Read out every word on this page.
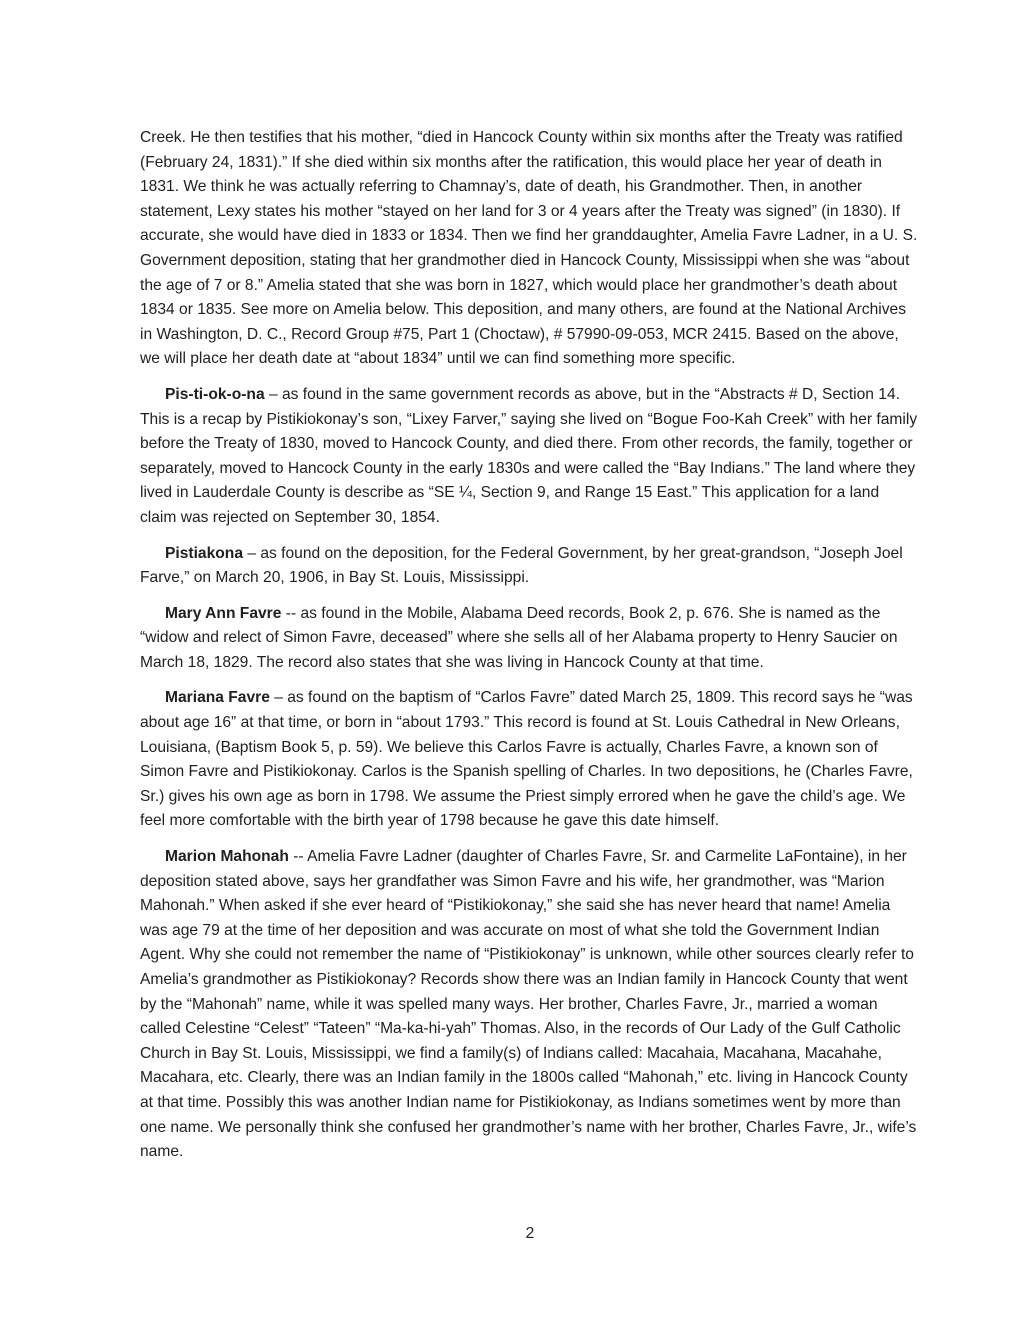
Creek. He then testifies that his mother, “died in Hancock County within six months after the Treaty was ratified (February 24, 1831).” If she died within six months after the ratification, this would place her year of death in 1831. We think he was actually referring to Chamnay’s, date of death, his Grandmother. Then, in another statement, Lexy states his mother “stayed on her land for 3 or 4 years after the Treaty was signed” (in 1830). If accurate, she would have died in 1833 or 1834. Then we find her granddaughter, Amelia Favre Ladner, in a U. S. Government deposition, stating that her grandmother died in Hancock County, Mississippi when she was “about the age of 7 or 8.” Amelia stated that she was born in 1827, which would place her grandmother’s death about 1834 or 1835. See more on Amelia below. This deposition, and many others, are found at the National Archives in Washington, D. C., Record Group #75, Part 1 (Choctaw), # 57990-09-053, MCR 2415. Based on the above, we will place her death date at “about 1834” until we can find something more specific.

Pis-ti-ok-o-na – as found in the same government records as above, but in the “Abstracts # D, Section 14. This is a recap by Pistikiokonay’s son, “Lixey Farver,” saying she lived on “Bogue Foo-Kah Creek” with her family before the Treaty of 1830, moved to Hancock County, and died there. From other records, the family, together or separately, moved to Hancock County in the early 1830s and were called the “Bay Indians.” The land where they lived in Lauderdale County is describe as “SE ¼, Section 9, and Range 15 East.” This application for a land claim was rejected on September 30, 1854.

Pistiakona – as found on the deposition, for the Federal Government, by her great-grandson, “Joseph Joel Farve,” on March 20, 1906, in Bay St. Louis, Mississippi.

Mary Ann Favre -- as found in the Mobile, Alabama Deed records, Book 2, p. 676. She is named as the “widow and relect of Simon Favre, deceased” where she sells all of her Alabama property to Henry Saucier on March 18, 1829. The record also states that she was living in Hancock County at that time.

Mariana Favre – as found on the baptism of “Carlos Favre” dated March 25, 1809. This record says he “was about age 16” at that time, or born in “about 1793.” This record is found at St. Louis Cathedral in New Orleans, Louisiana, (Baptism Book 5, p. 59). We believe this Carlos Favre is actually, Charles Favre, a known son of Simon Favre and Pistikiokonay. Carlos is the Spanish spelling of Charles. In two depositions, he (Charles Favre, Sr.) gives his own age as born in 1798. We assume the Priest simply errored when he gave the child’s age. We feel more comfortable with the birth year of 1798 because he gave this date himself.

Marion Mahonah -- Amelia Favre Ladner (daughter of Charles Favre, Sr. and Carmelite LaFontaine), in her deposition stated above, says her grandfather was Simon Favre and his wife, her grandmother, was “Marion Mahonah.” When asked if she ever heard of “Pistikiokonay,” she said she has never heard that name! Amelia was age 79 at the time of her deposition and was accurate on most of what she told the Government Indian Agent. Why she could not remember the name of “Pistikiokonay” is unknown, while other sources clearly refer to Amelia’s grandmother as Pistikiokonay? Records show there was an Indian family in Hancock County that went by the “Mahonah” name, while it was spelled many ways. Her brother, Charles Favre, Jr., married a woman called Celestine “Celest” “Tateen” “Ma-ka-hi-yah” Thomas. Also, in the records of Our Lady of the Gulf Catholic Church in Bay St. Louis, Mississippi, we find a family(s) of Indians called: Macahaia, Macahana, Macahahe, Macahara, etc. Clearly, there was an Indian family in the 1800s called “Mahonah,” etc. living in Hancock County at that time. Possibly this was another Indian name for Pistikiokonay, as Indians sometimes went by more than one name. We personally think she confused her grandmother’s name with her brother, Charles Favre, Jr., wife’s name.

2
